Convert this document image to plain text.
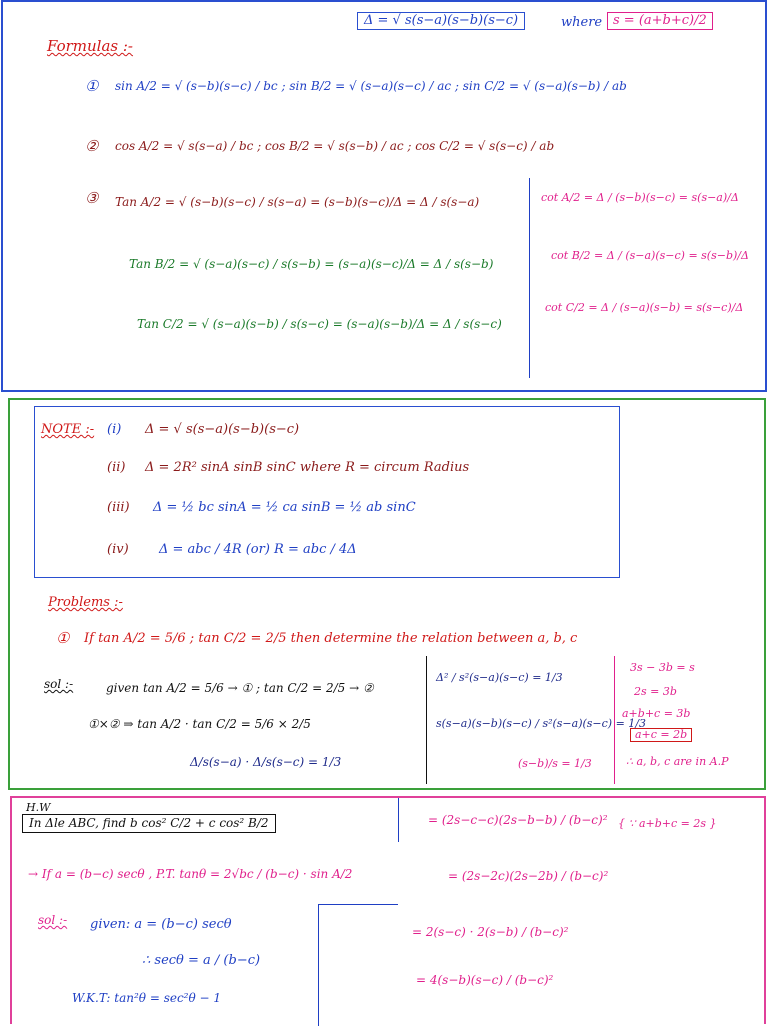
Δ = √ s(s−a)(s−b)(s−c)	where s = (a+b+c)/2
Formulas :-
① sin A/2 = √ (s−b)(s−c) / bc ; sin B/2 = √ (s−a)(s−c) / ac ; sin C/2 = √ (s−a)(s−b) / ab
② cos A/2 = √ s(s−a) / bc ; cos B/2 = √ s(s−b) / ac ; cos C/2 = √ s(s−c) / ab
③ Tan A/2 = √ (s−b)(s−c) / s(s−a) = (s−b)(s−c)/Δ = Δ / s(s−a)
Tan B/2 = √ (s−a)(s−c) / s(s−b) = (s−a)(s−c)/Δ = Δ / s(s−b)
Tan C/2 = √ (s−a)(s−b) / s(s−c) = (s−a)(s−b)/Δ = Δ / s(s−c)
cot A/2 = Δ / (s−b)(s−c) = s(s−a)/Δ
cot B/2 = Δ / (s−a)(s−c) = s(s−b)/Δ
cot C/2 = Δ / (s−a)(s−b) = s(s−c)/Δ
NOTE :- (i) Δ = √ s(s−a)(s−b)(s−c)
(ii) Δ = 2R² sinA sinB sinC where R = circum Radius
(iii) Δ = ½ bc sinA = ½ ca sinB = ½ ab sinC
(iv) Δ = abc / 4R (or) R = abc / 4Δ
Problems :-
① If tan A/2 = 5/6 ; tan C/2 = 2/5 then determine the relation between a, b, c
sol :-	given tan A/2 = 5/6 → ① ; tan C/2 = 2/5 → ②
①×② ⇒ tan A/2 · tan C/2 = 5/6 × 2/5
Δ/s(s−a) · Δ/s(s−c) = 1/3
Δ² / s²(s−a)(s−c) = 1/3
s(s−a)(s−b)(s−c) / s²(s−a)(s−c) = 1/3
(s−b)/s = 1/3
3s − 3b = s
2s = 3b
a+b+c = 3b
a+c = 2b
∴ a, b, c are in A.P
H.W
In Δle ABC, find b cos² C/2 + c cos² B/2
→ If a = (b−c) secθ , P.T. tanθ = 2√bc / (b−c) · sin A/2
sol :- given: a = (b−c) secθ
∴ secθ = a / (b−c)
W.K.T: tan²θ = sec²θ − 1
= (2s−c−c)(2s−b−b) / (b−c)² { ∵ a+b+c = 2s }
= (2s−2c)(2s−2b) / (b−c)²
= 2(s−c) · 2(s−b) / (b−c)²
= 4(s−b)(s−c) / (b−c)²
